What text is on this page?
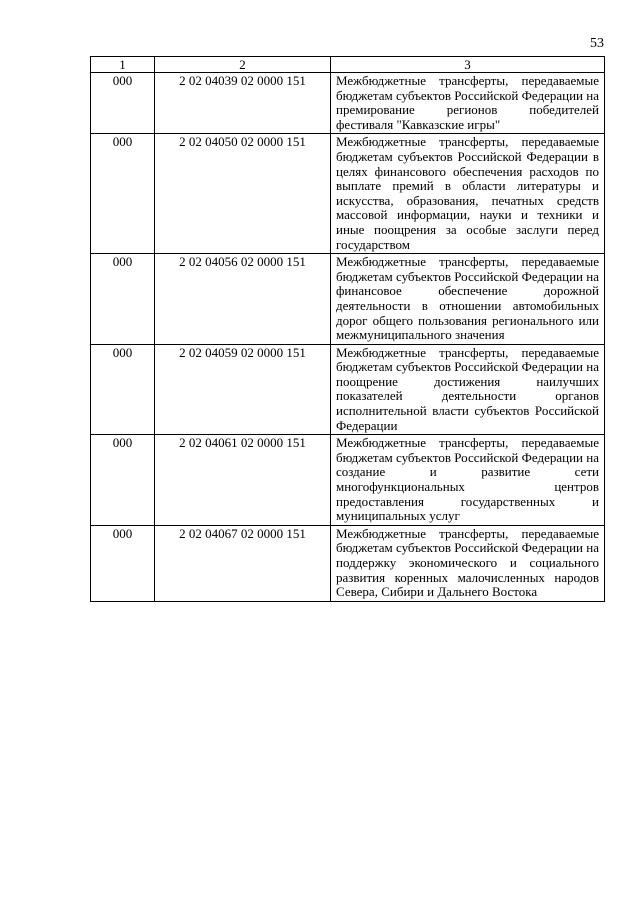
53
1	2	3
000	2 02 04039 02 0000 151	Межбюджетные трансферты, передаваемые бюджетам субъектов Российской Федерации на премирование регионов победителей фестиваля "Кавказские игры"
000	2 02 04050 02 0000 151	Межбюджетные трансферты, передаваемые бюджетам субъектов Российской Федерации в целях финансового обеспечения расходов по выплате премий в области литературы и искусства, образования, печатных средств массовой информации, науки и техники и иные поощрения за особые заслуги перед государством
000	2 02 04056 02 0000 151	Межбюджетные трансферты, передаваемые бюджетам субъектов Российской Федерации на финансовое обеспечение дорожной деятельности в отношении автомобильных дорог общего пользования регионального или межмуниципального значения
000	2 02 04059 02 0000 151	Межбюджетные трансферты, передаваемые бюджетам субъектов Российской Федерации на поощрение достижения наилучших показателей деятельности органов исполнительной власти субъектов Российской Федерации
000	2 02 04061 02 0000 151	Межбюджетные трансферты, передаваемые бюджетам субъектов Российской Федерации на создание и развитие сети многофункциональных центров предоставления государственных и муниципальных услуг
000	2 02 04067 02 0000 151	Межбюджетные трансферты, передаваемые бюджетам субъектов Российской Федерации на поддержку экономического и социального развития коренных малочисленных народов Севера, Сибири и Дальнего Востока
